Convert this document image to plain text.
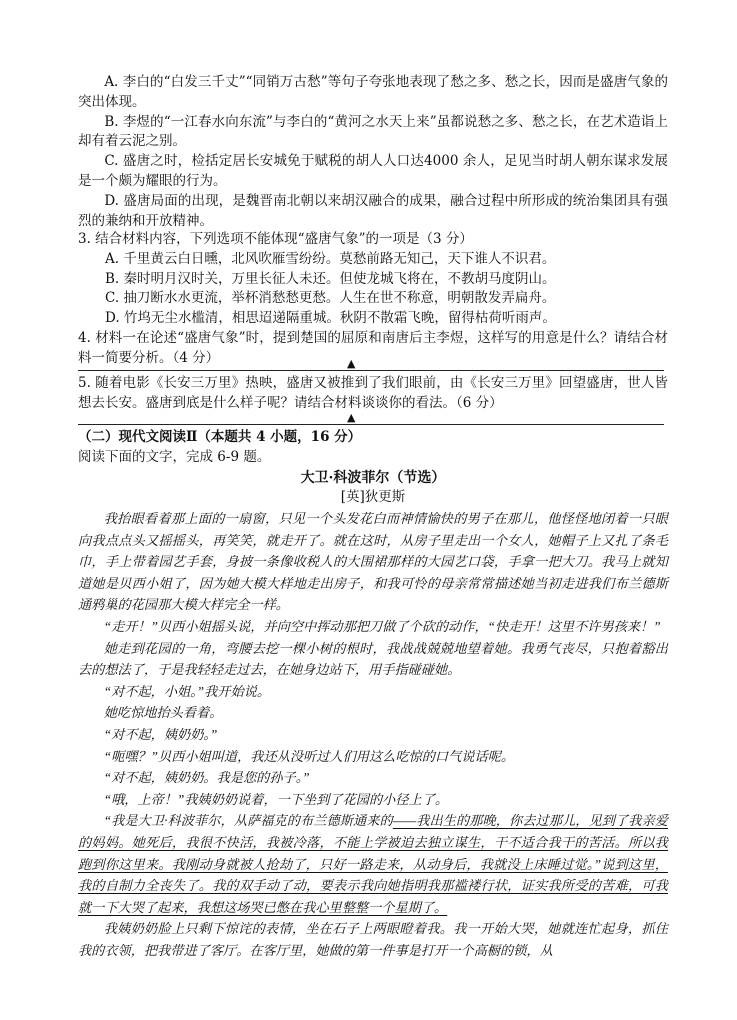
A. 李白的“白发三千丈”“同销万古愁”等句子夸张地表现了愁之多、愁之长，因而是盛唐气象的突出体现。

B. 李煜的“一江春水向东流”与李白的“黄河之水天上来”虽都说愁之多、愁之长，在艺术造诣上却有着云泥之别。

C. 盛唐之时，检括定居长安城免于赋税的胡人人口达4000 余人，足见当时胡人朝东谋求发展是一个颇为耀眼的行为。

D. 盛唐局面的出现，是魏晋南北朝以来胡汉融合的成果，融合过程中所形成的统治集团具有强烈的兼纳和开放精神。

3. 结合材料内容，下列选项不能体现“盛唐气象”的一项是（3 分）

A. 千里黄云白日曛，北风吹雁雪纷纷。莫愁前路无知己，天下谁人不识君。

B. 秦时明月汉时关，万里长征人未还。但使龙城飞将在，不教胡马度阴山。

C. 抽刀断水水更流，举杯消愁愁更愁。人生在世不称意，明朝散发弄扁舟。

D. 竹坞无尘水槛清，相思迢递隔重城。秋阴不散霜飞晚，留得枯荷听雨声。

4. 材料一在论述“盛唐气象”时，提到楚国的屈原和南唐后主李煜，这样写的用意是什么？请结合材料一简要分析。（4 分）	▲

5. 随着电影《长安三万里》热映，盛唐又被推到了我们眼前，由《长安三万里》回望盛唐，世人皆想去长安。盛唐到底是什么样子呢？请结合材料谈谈你的看法。（6 分）

▲

（二）现代文阅读Ⅱ（本题共 4 小题，16 分）

阅读下面的文字，完成 6-9 题。

大卫·科波菲尔（节选）

[英]狄更斯

我抬眼看着那上面的一扇窗，只见一个头发花白而神情愉快的男子在那儿，他怪怪地闭着一只眼向我点点头又摇摇头，再笑笑，就走开了。就在这时，从房子里走出一个女人，她帽子上又扎了条毛巾，手上带着园艺手套，身披一条像收税人的大围裙那样的大园艺口袋，手拿一把大刀。我马上就知道她是贝西小姐了，因为她大模大样地走出房子，和我可怜的母亲常常描述她当初走进我们布兰德斯通鸦巢的花园那大模大样完全一样。

“走开！”贝西小姐摇头说，并向空中挥动那把刀做了个砍的动作，“快走开！这里不许男孩来！”

她走到花园的一角，弯腰去挖一棵小树的根时，我战战兢兢地望着她。我勇气丧尽，只抱着豁出去的想法了，于是我轻轻走过去，在她身边站下，用手指碰碰她。

“对不起，小姐。”我开始说。

她吃惊地抬头看着。

“对不起，姨奶奶。”

“呃嘿？”贝西小姐叫道，我还从没听过人们用这么吃惊的口气说话呢。

“对不起，姨奶奶。我是您的孙子。”

“哦，上帝！”我姨奶奶说着，一下坐到了花园的小径上了。

“我是大卫·科波菲尔，从萨福克的布兰德斯通来的——我出生的那晚，你去过那儿，见到了我亲爱的妈妈。她死后，我很不快活，我被冷落，不能上学被迫去独立谋生，干不适合我干的苦活。所以我跑到你这里来。我刚动身就被人抢劫了，只好一路走来，从动身后，我就没上床睡过觉。”说到这里，我的自制力全丧失了。我的双手动了动，要表示我向她指明我那褴褛行状，证实我所受的苦难，可我就一下大哭了起来，我想这场哭已憋在我心里整整一个星期了。

我姨奶奶脸上只剩下惊诧的表情，坐在石子上两眼瞪着我。我一开始大哭，她就连忙起身，抓住我的衣领，把我带进了客厅。在客厅里，她做的第一件事是打开一个高橱的锁，从
